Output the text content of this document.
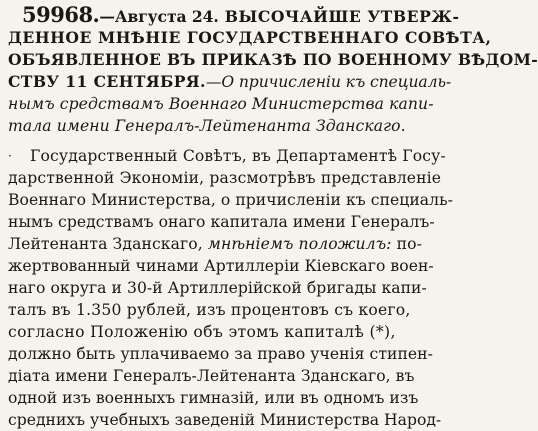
59968.—Августа 24. ВЫСОЧАЙШЕ УТВЕРЖ-
ДЕННОЕ МНѢНІЕ ГОСУДАРСТВЕННАГО СОВѢТА,
ОБЪЯВЛЕННОЕ ВЪ ПРИКАЗѢ ПО ВОЕННОМУ ВѢДОМ-
СТВУ 11 СЕНТЯБРЯ.—О причисленіи къ специаль-
нымъ средствамъ Военнаго Министерства капи-
тала имени Генералъ-Лейтенанта Зданскаго.
· Государственный Совѣтъ, въ Департаментѣ Госу-
дарственной Экономіи, разсмотрѣвъ представленіе
Военнаго Министерства, о причисленіи къ специаль-
нымъ средствамъ онаго капитала имени Генералъ-
Лейтенанта Зданскаго, мнѣніемъ положилъ: по-
жертвованный чинами Артиллеріи Кіевскаго воен-
наго округа и 30-й Артиллерійской бригады капи-
талъ въ 1.350 рублей, изъ процентовъ съ коего,
согласно Положенію объ этомъ капиталѣ (*),
должно быть уплачиваемо за право ученія стипен-
діата имени Генералъ-Лейтенанта Зданскаго, въ
одной изъ военныхъ гимназій, или въ одномъ изъ
среднихъ учебныхъ заведеній Министерства Народ-
